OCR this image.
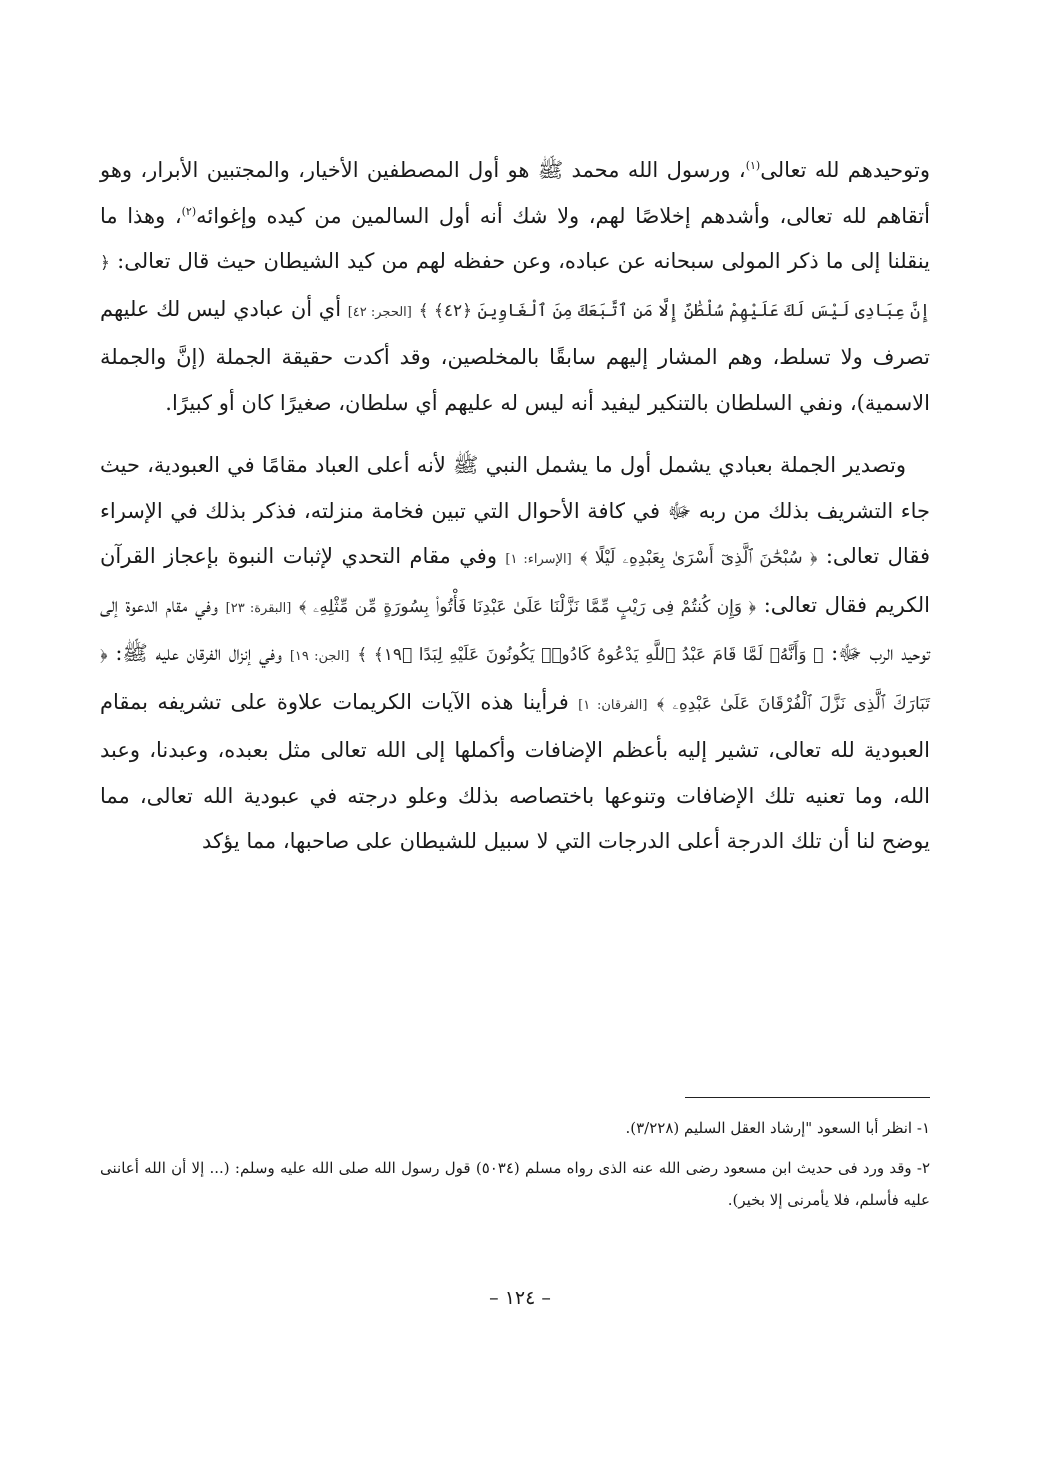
وتوحيدهم لله تعالى$^{(١)}$، ورسول الله محمد ﷺ هو أول المصطفين الأخيار، والمجتبين الأبرار، وهو أتقاهم لله تعالى، وأشدهم إخلاصًا لهم، ولا شك أنه أول السالمين من كيده وإغوائه$^{(٢)}$، وهذا ما ينقلنا إلى ما ذكر المولى سبحانه عن عباده، وعن حفظه لهم من كيد الشيطان حيث قال تعالى: ﴿ إِنَّ عِبَادِى لَيْسَ لَكَ عَلَيْهِمْ سُلْطَٰنٌ إِلَّا مَنِ ٱتَّبَعَكَ مِنَ ٱلْغَاوِينَ ﴿٤٢﴾ ﴾ [الحجر: ٤٢] أي أن عبادي ليس لك عليهم تصرف ولا تسلط، وهم المشار إليهم سابقًا بالمخلصين، وقد أكدت حقيقة الجملة (إنَّ والجملة الاسمية)، ونفي السلطان بالتنكير ليفيد أنه ليس له عليهم أي سلطان، صغيرًا كان أو كبيرًا.

وتصدير الجملة بعبادي يشمل أول ما يشمل النبي ﷺ لأنه أعلى العباد مقامًا في العبودية، حيث جاء التشريف بذلك من ربه ﷻ في كافة الأحوال التي تبين فخامة منزلته، فذكر بذلك في الإسراء فقال تعالى: ﴿ سُبْحَٰنَ ٱلَّذِىٓ أَسْرَىٰ بِعَبْدِهِۦ لَيْلًا ﴾ [الإسراء: ١] وفي مقام التحدي لإثبات النبوة بإعجاز القرآن الكريم فقال تعالى: ﴿ وَإِن كُنتُمْ فِى رَيْبٍ مِّمَّا نَزَّلْنَا عَلَىٰ عَبْدِنَا فَأْتُوا۟ بِسُورَةٍ مِّن مِّثْلِهِۦ ﴾ [البقرة: ٢٣] وفي مقام الدعوة إلى توحيد الرب ﷻ: ﴿ وَأَنَّهُۥ لَمَّا قَامَ عَبْدُ ٱللَّهِ يَدْعُوهُ كَادُوا۟ يَكُونُونَ عَلَيْهِ لِبَدًا ﴿١٩﴾ ﴾ [الجن: ١٩] وفي إنزال الفرقان عليه ﷺ: ﴿ تَبَارَكَ ٱلَّذِى نَزَّلَ ٱلْفُرْقَانَ عَلَىٰ عَبْدِهِۦ ﴾ [الفرقان: ١] فرأينا هذه الآيات الكريمات علاوة على تشريفه بمقام العبودية لله تعالى، تشير إليه بأعظم الإضافات وأكملها إلى الله تعالى مثل بعبده، وعبدنا، وعبد الله، وما تعنيه تلك الإضافات وتنوعها باختصاصه بذلك وعلو درجته في عبودية الله تعالى، مما يوضح لنا أن تلك الدرجة أعلى الدرجات التي لا سبيل للشيطان على صاحبها، مما يؤكد

١- انظر أبا السعود "إرشاد العقل السليم (٣/٢٢٨).

٢- وقد ورد فى حديث ابن مسعود رضى الله عنه الذى رواه مسلم (٥٠٣٤) قول رسول الله صلى الله عليه وسلم: (... إلا أن الله أعاننى عليه فأسلم، فلا يأمرنى إلا بخير).

– ١٢٤ –
